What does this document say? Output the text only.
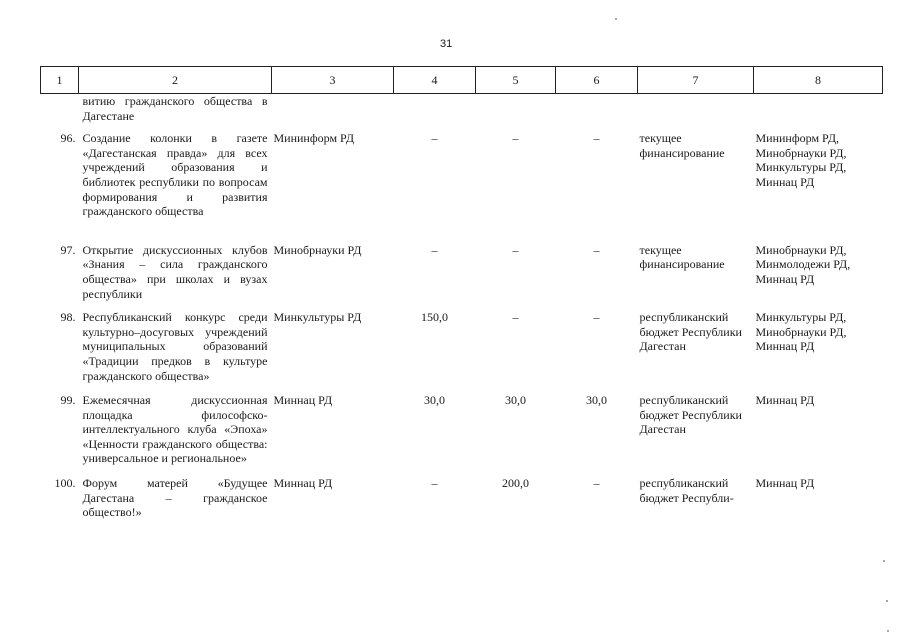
31
1	2	3	4	5	6	7	8
	витию гражданского общества в Дагестане						
96.	Создание колонки в газете «Дагестанская правда» для всех учреждений образования и библиотек республики по вопросам формирования и развития гражданского общества	Мининформ РД	–	–	–	текущее финансирование	Мининформ РД, Минобрнауки РД, Минкультуры РД, Миннац РД
97.	Открытие дискуссионных клубов «Знания – сила гражданского общества» при школах и вузах республики	Минобрнауки РД	–	–	–	текущее финансирование	Минобрнауки РД, Минмолодежи РД, Миннац РД
98.	Республиканский конкурс среди культурно–досуговых учреждений муниципальных образований «Традиции предков в культуре гражданского общества»	Минкультуры РД	150,0	–	–	республиканский бюджет Республики Дагестан	Минкультуры РД, Минобрнауки РД, Миннац РД
99.	Ежемесячная дискуссионная площадка философско-интеллектуального клуба «Эпоха» «Ценности гражданского общества: универсальное и региональное»	Миннац РД	30,0	30,0	30,0	республиканский бюджет Республики Дагестан	Миннац РД
100.	Форум матерей «Будущее Дагестана – гражданское общество!»	Миннац РД	–	200,0	–	республиканский бюджет Республи-	Миннац РД
